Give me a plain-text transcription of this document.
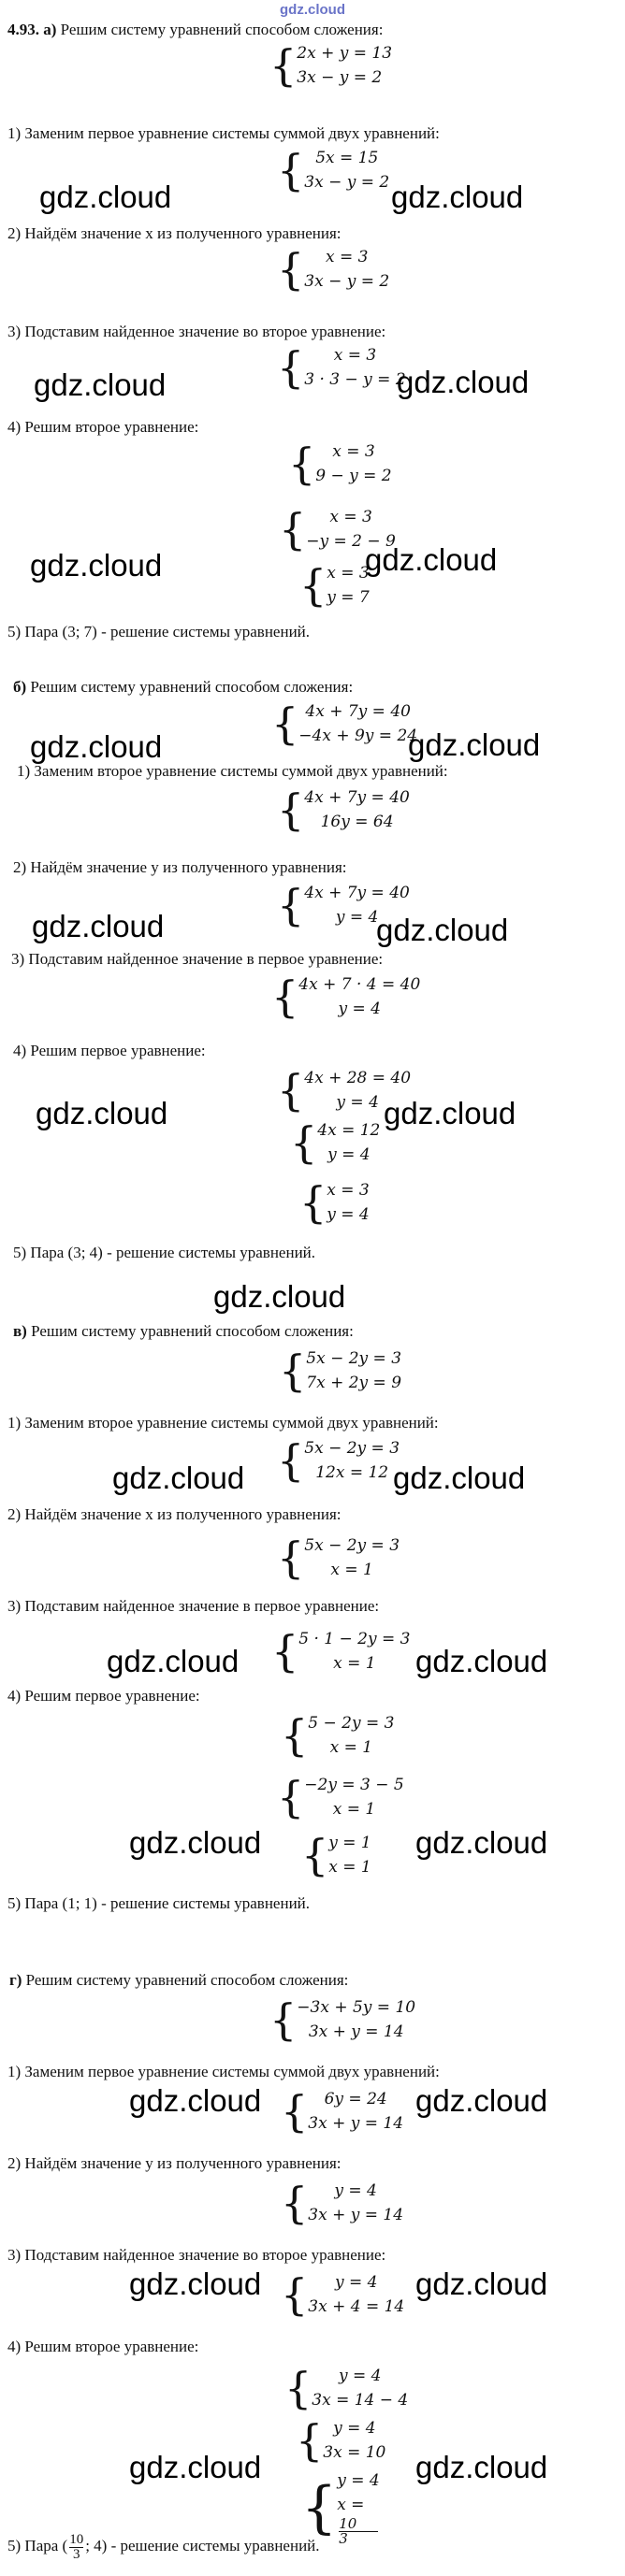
gdz.cloud
4.93. а) Решим систему уравнений способом сложения:
{ 2x + y = 13
3x − y = 2
1) Заменим первое уравнение системы суммой двух уравнений:
{ 5x = 15
3x − y = 2
2) Найдём значение x из полученного уравнения:
{	x = 3
3x − y = 2
3) Подставим найденное значение во второе уравнение:
{	x = 3
3 · 3 − y = 2
4) Решим второе уравнение:
{	x = 3
9 − y = 2
{	x = 3
−y = 2 − 9
{ x = 3
y = 7
5) Пара (3; 7) - решение системы уравнений.
б) Решим систему уравнений способом сложения:
{ 4x + 7y = 40
−4x + 9y = 24
1) Заменим второе уравнение системы суммой двух уравнений:
{ 4x + 7y = 40
16y = 64
2) Найдём значение y из полученного уравнения:
{ 4x + 7y = 40
y = 4
3) Подставим найденное значение в первое уравнение:
{ 4x + 7 · 4 = 40
y = 4
4) Решим первое уравнение:
{ 4x + 28 = 40
y = 4
{ 4x = 12
y = 4
{ x = 3
y = 4
5) Пара (3; 4) - решение системы уравнений.
в) Решим систему уравнений способом сложения:
{ 5x − 2y = 3
7x + 2y = 9
1) Заменим второе уравнение системы суммой двух уравнений:
{ 5x − 2y = 3
12x = 12
2) Найдём значение x из полученного уравнения:
{ 5x − 2y = 3
x = 1
3) Подставим найденное значение в первое уравнение:
{ 5 · 1 − 2y = 3
x = 1
4) Решим первое уравнение:
{ 5 − 2y = 3
x = 1
{ −2y = 3 − 5
x = 1
{ y = 1
x = 1
5) Пара (1; 1) - решение системы уравнений.
г) Решим систему уравнений способом сложения:
{ −3x + 5y = 10
3x + y = 14
1) Заменим первое уравнение системы суммой двух уравнений:
{	6y = 24
3x + y = 14
2) Найдём значение y из полученного уравнения:
{	y = 4
3x + y = 14
3) Подставим найденное значение во второе уравнение:
{	y = 4
3x + 4 = 14
4) Решим второе уравнение:
{	y = 4
3x = 14 − 4
{ y = 4
3x = 10
{ y = 4
x =
10
3
5) Пара ( $\frac{10}{3}$ ; 4) - решение системы уравнений.
gdz.cloud	gdz.cloud
gdz.cloud	gdz.cloud
gdz.cloud	gdz.cloud
gdz.cloud	gdz.cloud
gdz.cloud	gdz.cloud
gdz.cloud	gdz.cloud
gdz.cloud
gdz.cloud	gdz.cloud
gdz.cloud	gdz.cloud
gdz.cloud	gdz.cloud
gdz.cloud	gdz.cloud
gdz.cloud	gdz.cloud
gdz.cloud	gdz.cloud
